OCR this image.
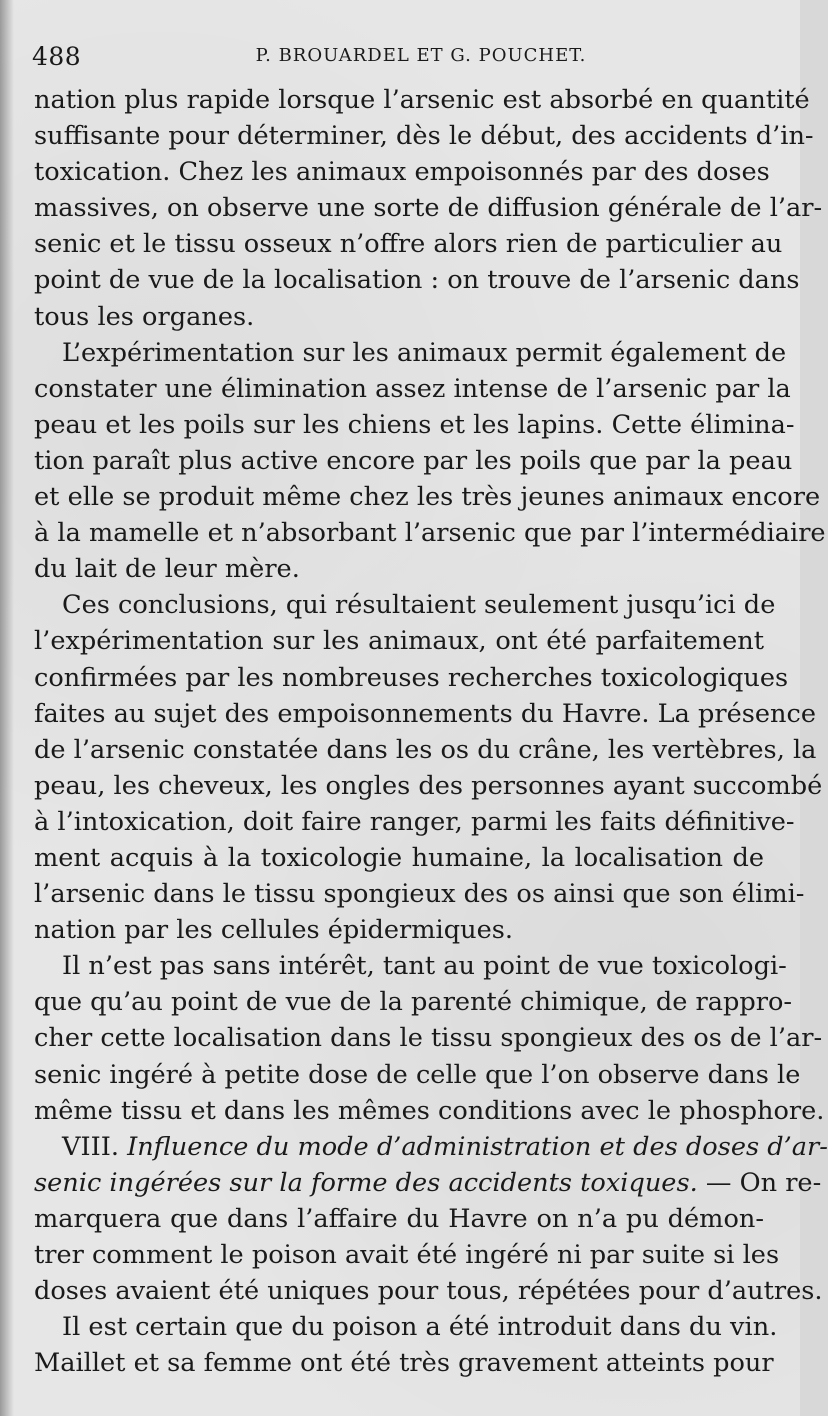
488	P. BROUARDEL ET G. POUCHET.
nation plus rapide lorsque l’arsenic est absorbé en quantité
suffisante pour déterminer, dès le début, des accidents d’in-
toxication. Chez les animaux empoisonnés par des doses
massives, on observe une sorte de diffusion générale de l’ar-
senic et le tissu osseux n’offre alors rien de particulier au
point de vue de la localisation : on trouve de l’arsenic dans
tous les organes.
L’expérimentation sur les animaux permit également de
constater une élimination assez intense de l’arsenic par la
peau et les poils sur les chiens et les lapins. Cette élimina-
tion paraît plus active encore par les poils que par la peau
et elle se produit même chez les très jeunes animaux encore
à la mamelle et n’absorbant l’arsenic que par l’intermédiaire
du lait de leur mère.
Ces conclusions, qui résultaient seulement jusqu’ici de
l’expérimentation sur les animaux, ont été parfaitement
confirmées par les nombreuses recherches toxicologiques
faites au sujet des empoisonnements du Havre. La présence
de l’arsenic constatée dans les os du crâne, les vertèbres, la
peau, les cheveux, les ongles des personnes ayant succombé
à l’intoxication, doit faire ranger, parmi les faits définitive-
ment acquis à la toxicologie humaine, la localisation de
l’arsenic dans le tissu spongieux des os ainsi que son élimi-
nation par les cellules épidermiques.
Il n’est pas sans intérêt, tant au point de vue toxicologi-
que qu’au point de vue de la parenté chimique, de rappro-
cher cette localisation dans le tissu spongieux des os de l’ar-
senic ingéré à petite dose de celle que l’on observe dans le
même tissu et dans les mêmes conditions avec le phosphore.
VIII. Influence du mode d’administration et des doses d’ar-
senic ingérées sur la forme des accidents toxiques. — On re-
marquera que dans l’affaire du Havre on n’a pu démon-
trer comment le poison avait été ingéré ni par suite si les
doses avaient été uniques pour tous, répétées pour d’autres.
Il est certain que du poison a été introduit dans du vin.
Maillet et sa femme ont été très gravement atteints pour
